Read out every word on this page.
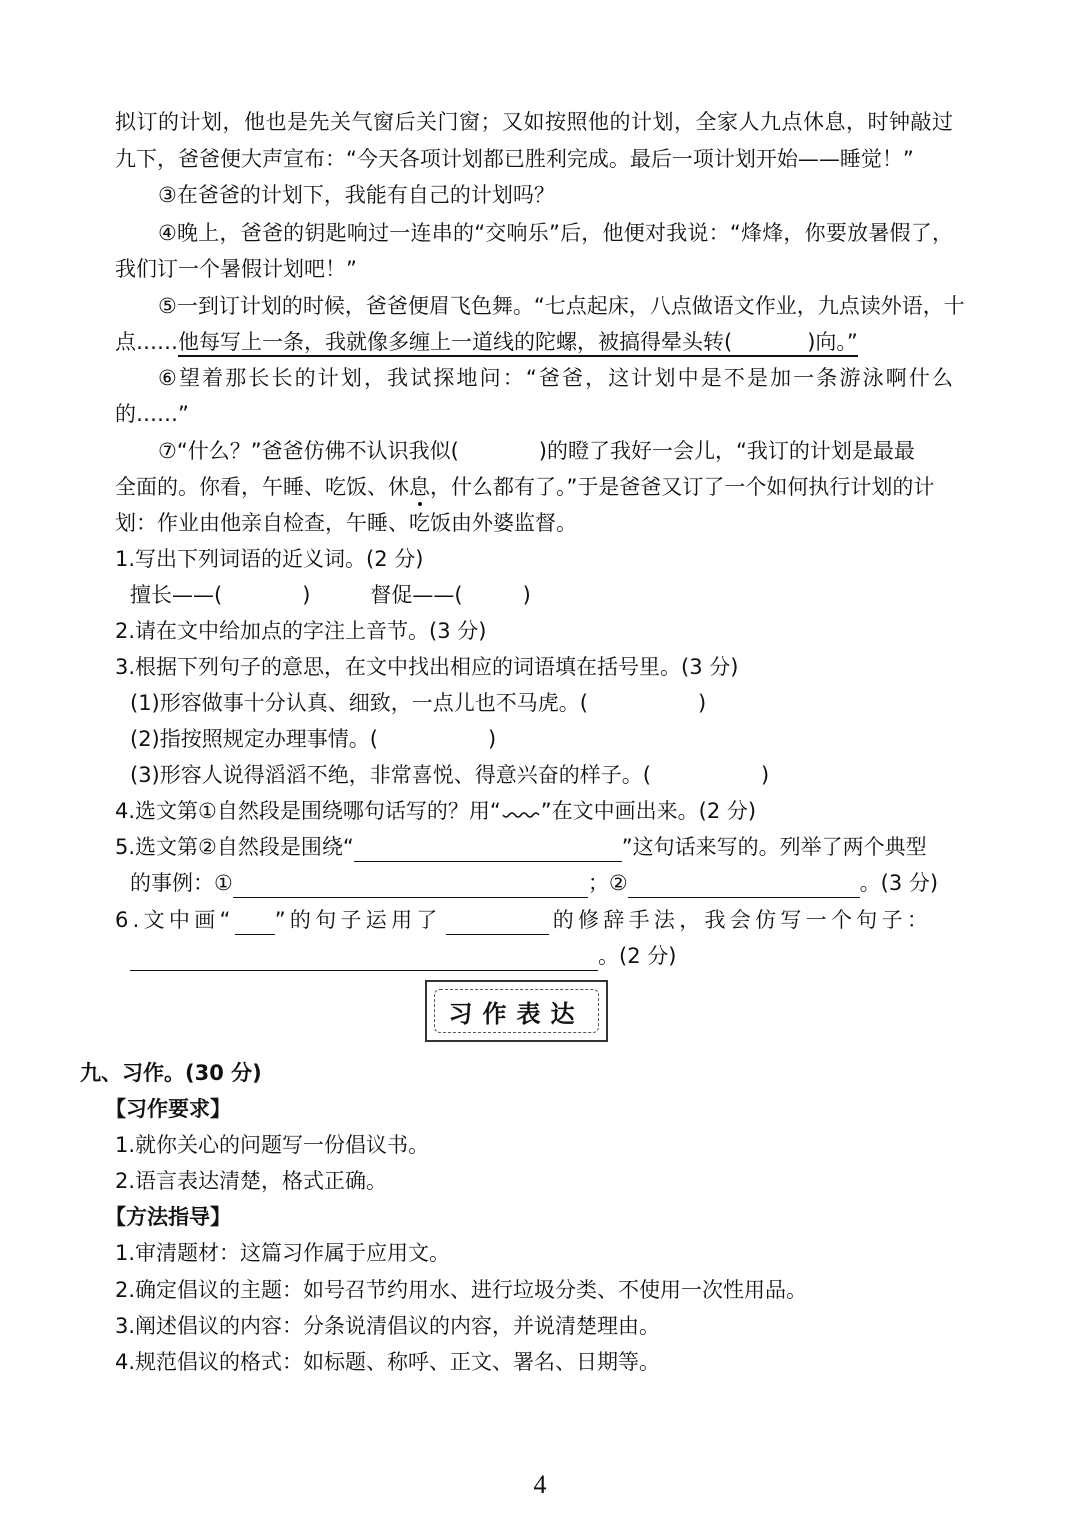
拟订的计划，他也是先关气窗后关门窗；又如按照他的计划，全家人九点休息，时钟敲过
九下，爸爸便大声宣布：“今天各项计划都已胜利完成。最后一项计划开始——睡觉！”
③在爸爸的计划下，我能有自己的计划吗？
④晚上，爸爸的钥匙响过一连串的“交响乐”后，他便对我说：“烽烽，你要放暑假了，
我们订一个暑假计划吧！”
⑤一到订计划的时候，爸爸便眉飞色舞。“七点起床，八点做语文作业，九点读外语，十
点……他每写上一条，我就像多缠上一道线的陀螺，被搞得晕头转(	)向。”
⑥望着那长长的计划，我试探地问：“爸爸，这计划中是不是加一条游泳啊什么
的……”
⑦“什么？”爸爸仿佛不认识我似(	)的瞪了我好一会儿，“我订的计划是最最
全面的。你看，午睡、吃饭、休息，什么都有了。”于是爸爸又订了一个如何执行计划的计
划：作业由他亲自检查，午睡、吃饭由外婆监督。
1.写出下列词语的近义词。(2 分)
擅长——(	)	督促——(	)
2.请在文中给加点的字注上音节。(3 分)
3.根据下列句子的意思，在文中找出相应的词语填在括号里。(3 分)
(1)形容做事十分认真、细致，一点儿也不马虎。(	)
(2)指按照规定办理事情。(	)
(3)形容人说得滔滔不绝，非常喜悦、得意兴奋的样子。(	)
4.选文第①自然段是围绕哪句话写的？用“ ”在文中画出来。(2 分)
5.选文第②自然段是围绕“	”这句话来写的。列举了两个典型
的事例：①	；②	。(3 分)
6.文中画“ ”的句子运用了	的修辞手法，我会仿写一个句子：
。(2 分)
习作表达
九、习作。(30 分)
【习作要求】
1.就你关心的问题写一份倡议书。
2.语言表达清楚，格式正确。
【方法指导】
1.审清题材：这篇习作属于应用文。
2.确定倡议的主题：如号召节约用水、进行垃圾分类、不使用一次性用品。
3.阐述倡议的内容：分条说清倡议的内容，并说清楚理由。
4.规范倡议的格式：如标题、称呼、正文、署名、日期等。
4
